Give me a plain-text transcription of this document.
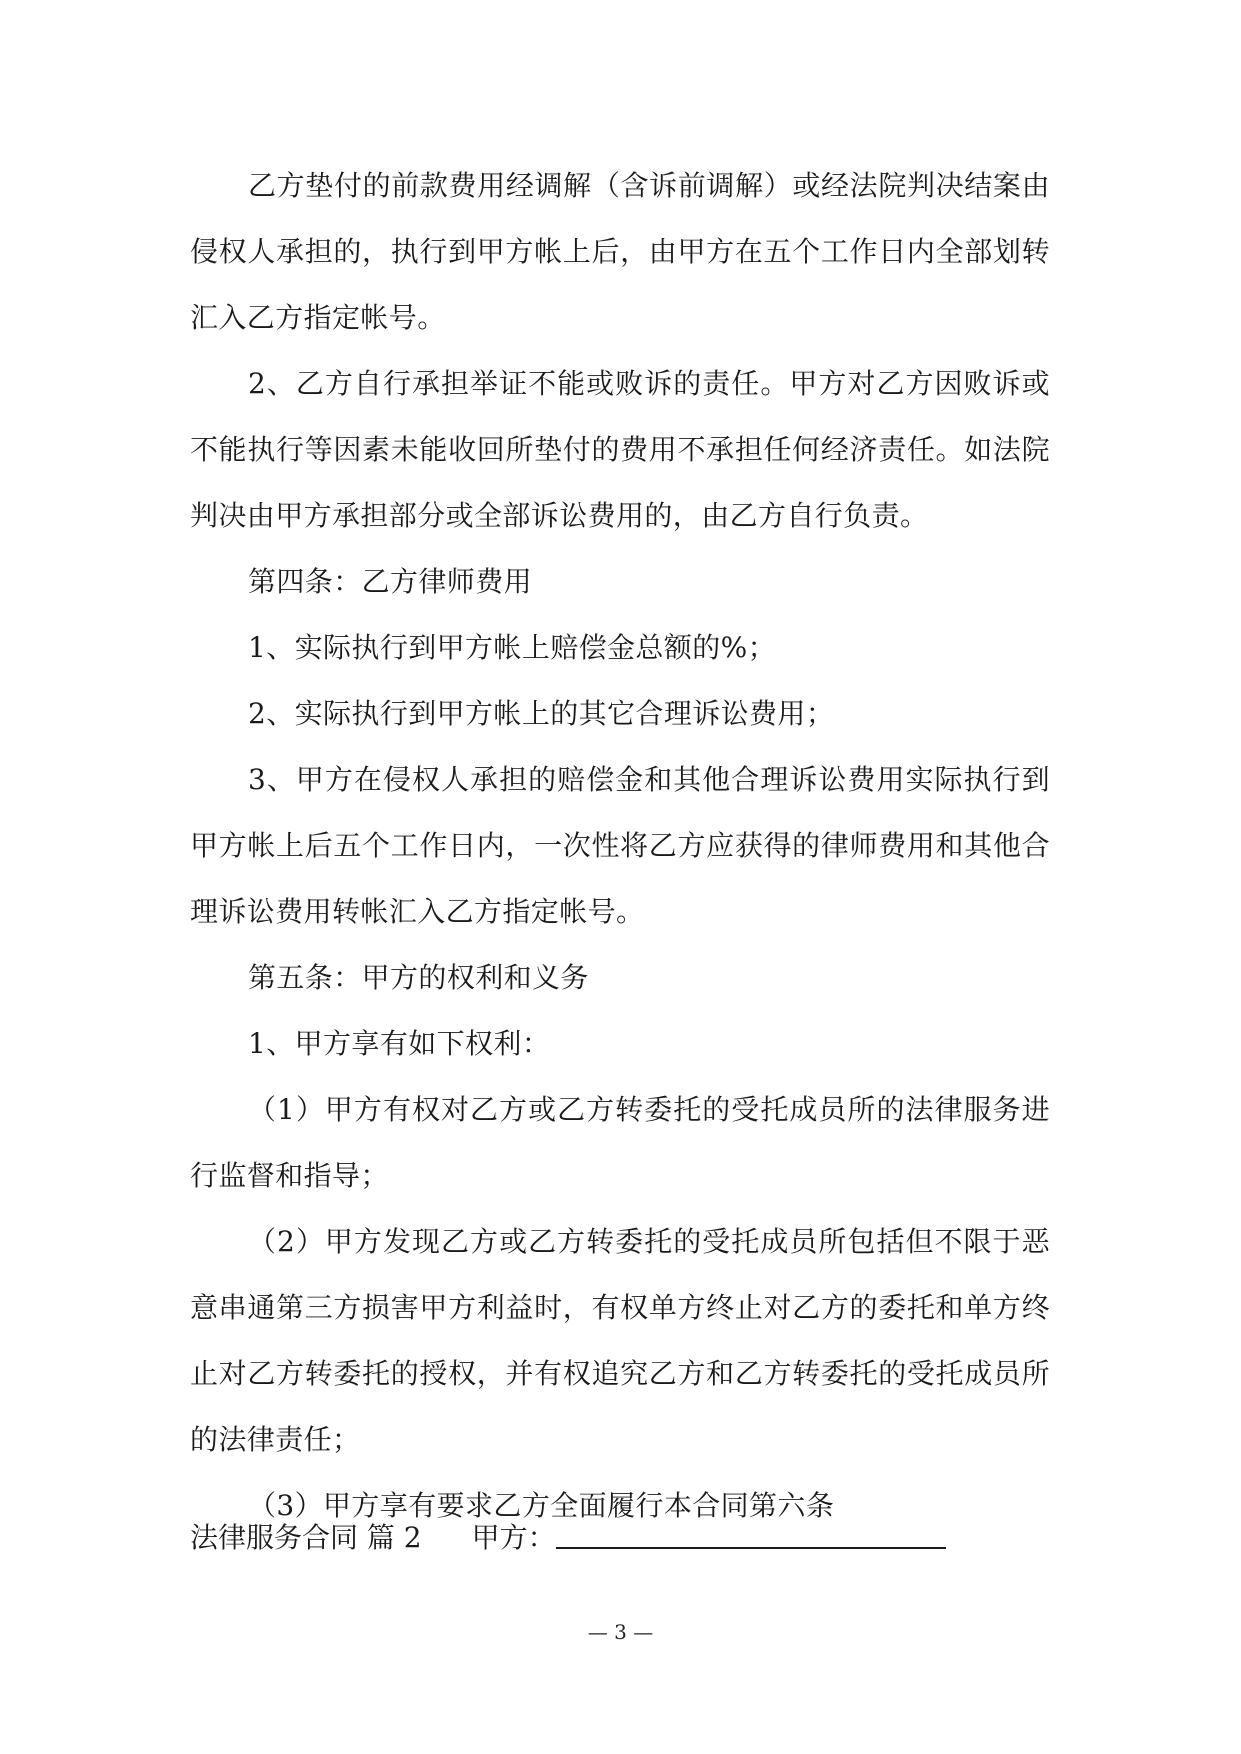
乙方垫付的前款费用经调解（含诉前调解）或经法院判决结案由侵权人承担的，执行到甲方帐上后，由甲方在五个工作日内全部划转汇入乙方指定帐号。

2、乙方自行承担举证不能或败诉的责任。甲方对乙方因败诉或不能执行等因素未能收回所垫付的费用不承担任何经济责任。如法院判决由甲方承担部分或全部诉讼费用的，由乙方自行负责。

第四条：乙方律师费用

1、实际执行到甲方帐上赔偿金总额的%；

2、实际执行到甲方帐上的其它合理诉讼费用；

3、甲方在侵权人承担的赔偿金和其他合理诉讼费用实际执行到甲方帐上后五个工作日内，一次性将乙方应获得的律师费用和其他合理诉讼费用转帐汇入乙方指定帐号。

第五条：甲方的权利和义务

1、甲方享有如下权利：

（1）甲方有权对乙方或乙方转委托的受托成员所的法律服务进行监督和指导；

（2）甲方发现乙方或乙方转委托的受托成员所包括但不限于恶意串通第三方损害甲方利益时，有权单方终止对乙方的委托和单方终止对乙方转委托的授权，并有权追究乙方和乙方转委托的受托成员所的法律责任；

（3）甲方享有要求乙方全面履行本合同第六条

法律服务合同 篇 2 甲方：
— 3 —
